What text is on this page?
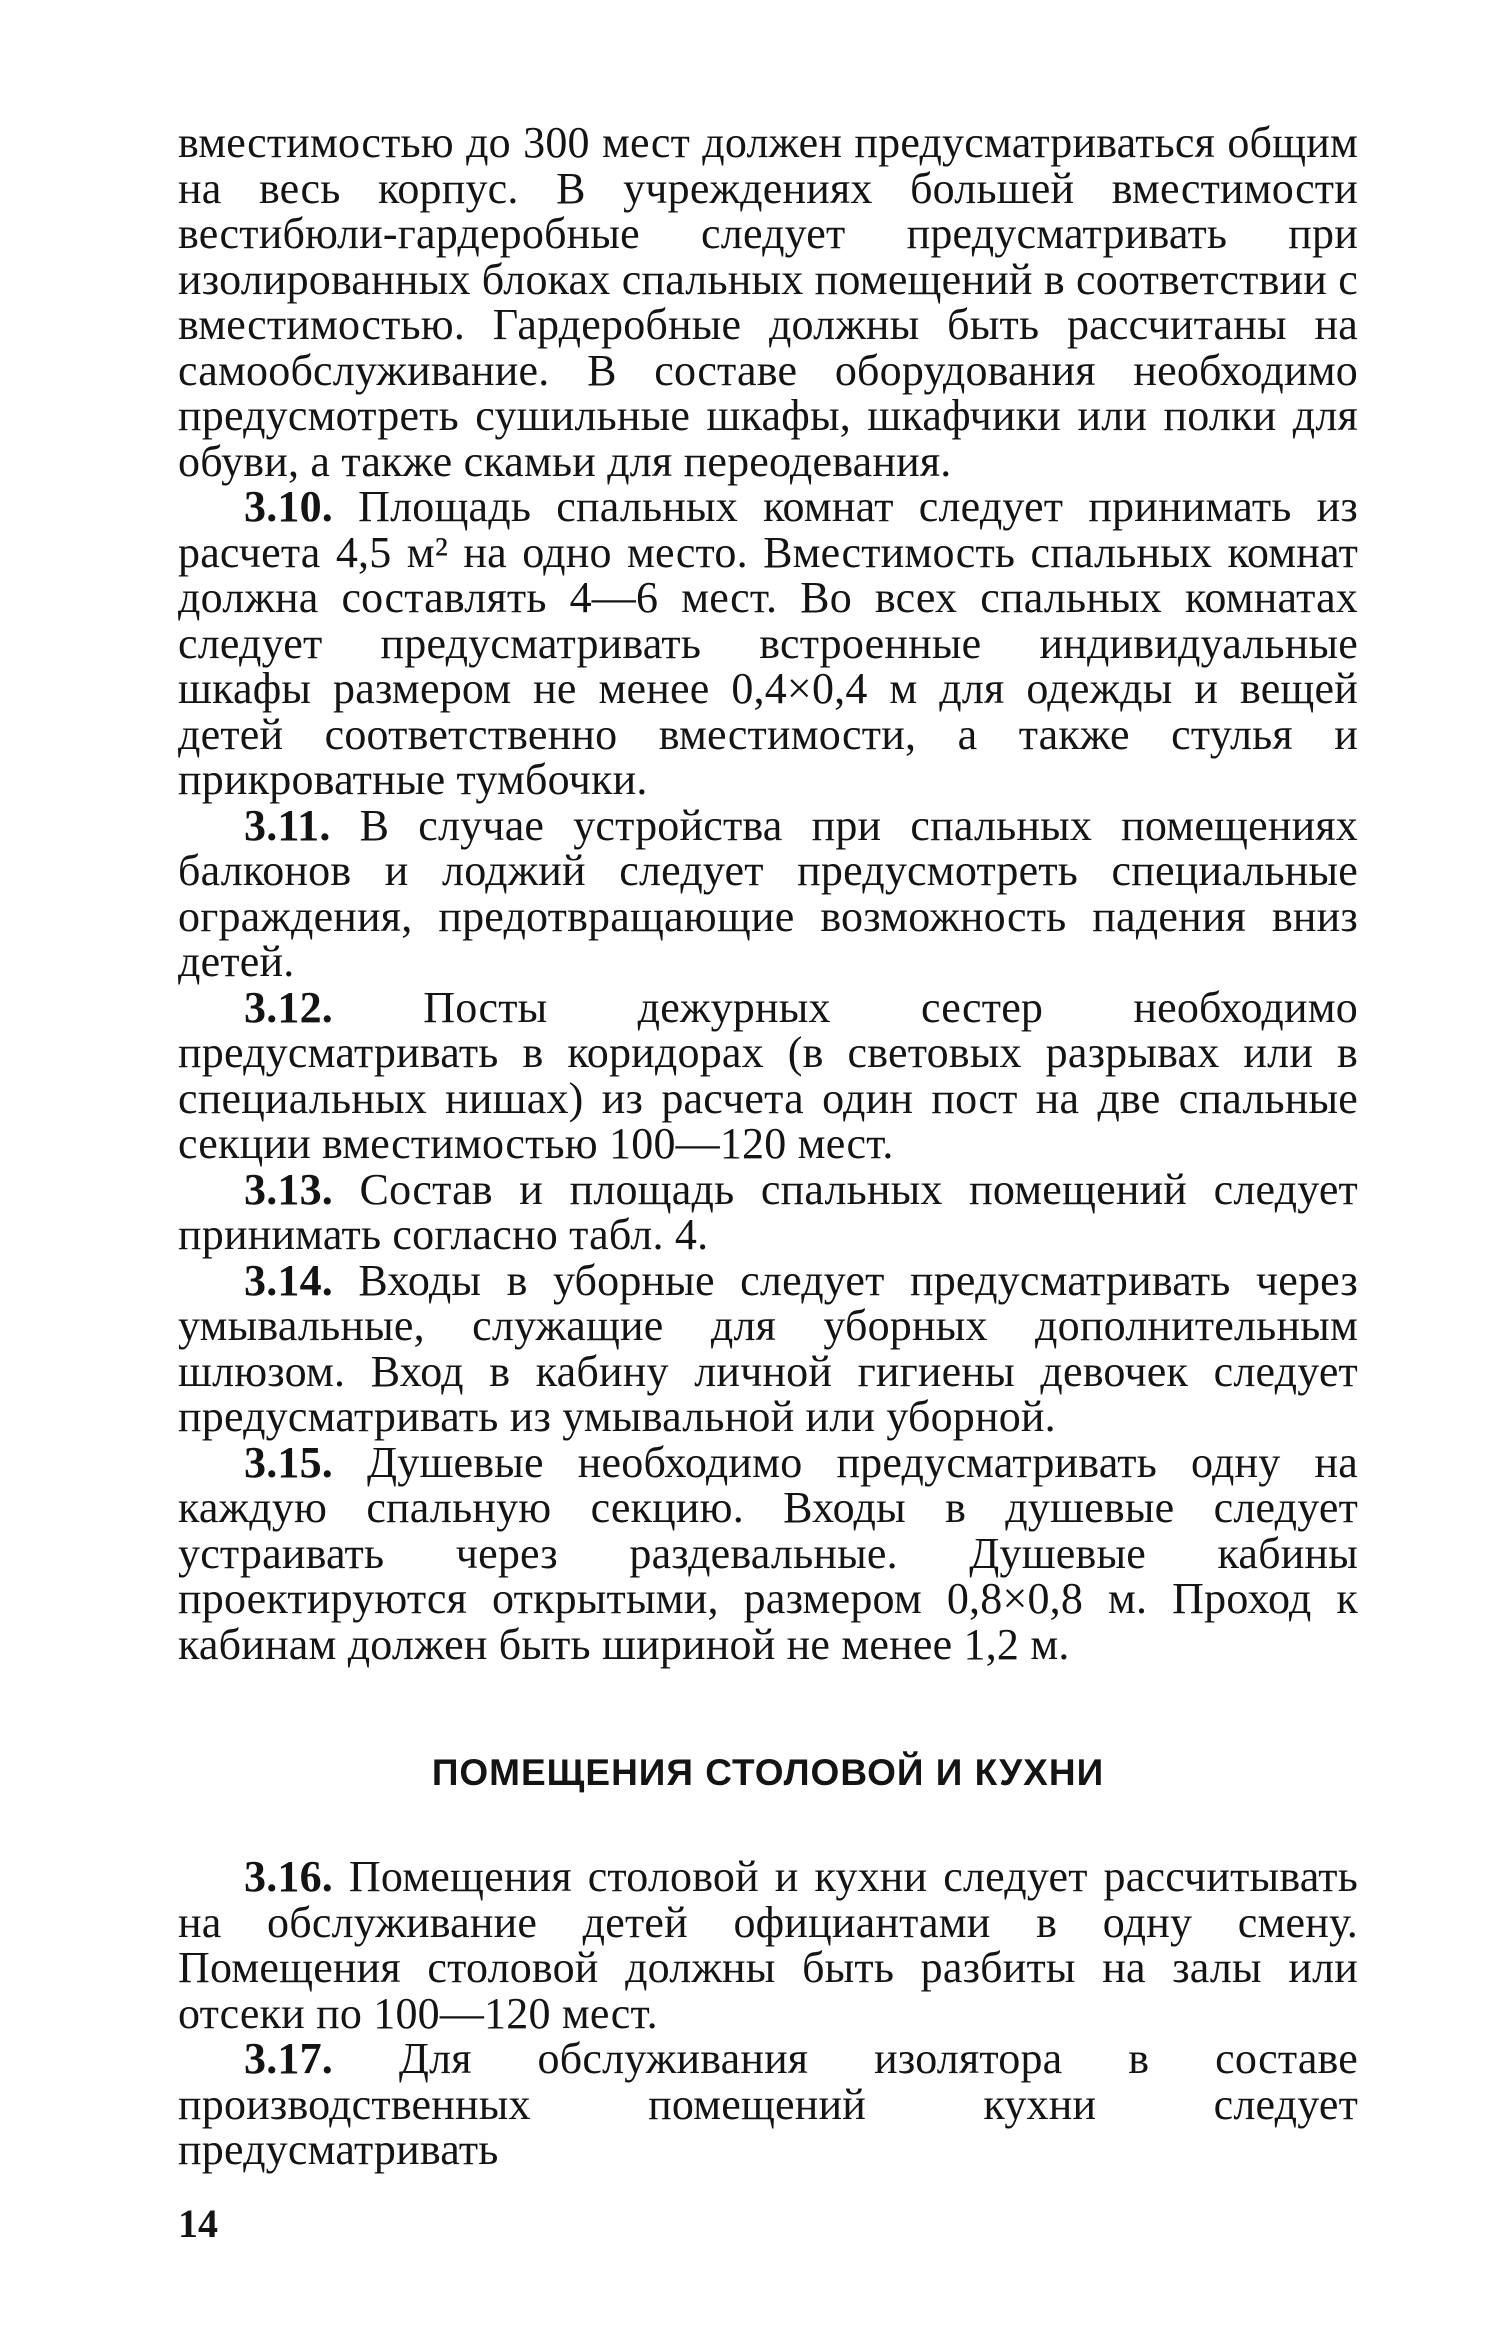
вместимостью до 300 мест должен предусматриваться общим на весь корпус. В учреждениях большей вместимости вестибюли-гардеробные следует предусматривать при изолированных блоках спальных помещений в соответствии с вместимостью. Гардеробные должны быть рассчитаны на самообслуживание. В составе оборудования необходимо предусмотреть сушильные шкафы, шкафчики или полки для обуви, а также скамьи для переодевания.

3.10. Площадь спальных комнат следует принимать из расчета 4,5 м² на одно место. Вместимость спальных комнат должна составлять 4—6 мест. Во всех спальных комнатах следует предусматривать встроенные индивидуальные шкафы размером не менее 0,4×0,4 м для одежды и вещей детей соответственно вместимости, а также стулья и прикроватные тумбочки.

3.11. В случае устройства при спальных помещениях балконов и лоджий следует предусмотреть специальные ограждения, предотвращающие возможность падения вниз детей.

3.12. Посты дежурных сестер необходимо предусматривать в коридорах (в световых разрывах или в специальных нишах) из расчета один пост на две спальные секции вместимостью 100—120 мест.

3.13. Состав и площадь спальных помещений следует принимать согласно табл. 4.

3.14. Входы в уборные следует предусматривать через умывальные, служащие для уборных дополнительным шлюзом. Вход в кабину личной гигиены девочек следует предусматривать из умывальной или уборной.

3.15. Душевые необходимо предусматривать одну на каждую спальную секцию. Входы в душевые следует устраивать через раздевальные. Душевые кабины проектируются открытыми, размером 0,8×0,8 м. Проход к кабинам должен быть шириной не менее 1,2 м.

ПОМЕЩЕНИЯ СТОЛОВОЙ И КУХНИ

3.16. Помещения столовой и кухни следует рассчитывать на обслуживание детей официантами в одну смену. Помещения столовой должны быть разбиты на залы или отсеки по 100—120 мест.

3.17. Для обслуживания изолятора в составе производственных помещений кухни следует предусматривать

14
